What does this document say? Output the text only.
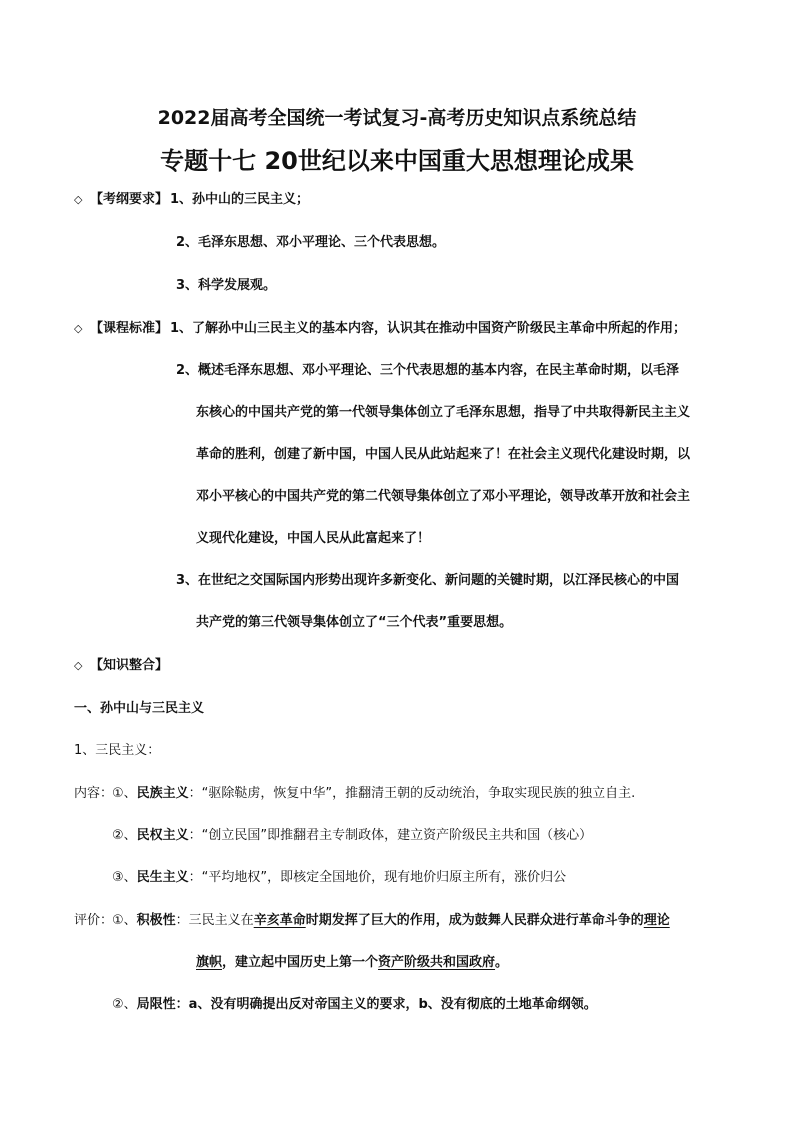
2022届高考全国统一考试复习-高考历史知识点系统总结
专题十七 20世纪以来中国重大思想理论成果
◇ 【考纲要求】 1、孙中山的三民主义；
2、毛泽东思想、邓小平理论、三个代表思想。
3、科学发展观。
◇ 【课程标准】 1、了解孙中山三民主义的基本内容，认识其在推动中国资产阶级民主革命中所起的作用；
2、概述毛泽东思想、邓小平理论、三个代表思想的基本内容，在民主革命时期，以毛泽
东核心的中国共产党的第一代领导集体创立了毛泽东思想，指导了中共取得新民主主义
革命的胜利，创建了新中国，中国人民从此站起来了！在社会主义现代化建设时期，以
邓小平核心的中国共产党的第二代领导集体创立了邓小平理论，领导改革开放和社会主
义现代化建设，中国人民从此富起来了！
3、在世纪之交国际国内形势出现许多新变化、新问题的关键时期，以江泽民核心的中国
共产党的第三代领导集体创立了“三个代表”重要思想。
◇ 【知识整合】
一、孙中山与三民主义
1、三民主义：
内容：
①、民族主义：“驱除鞑虏，恢复中华”，推翻清王朝的反动统治，争取实现民族的独立自主.
②、民权主义：“创立民国”即推翻君主专制政体，建立资产阶级民主共和国（核心）
③、民生主义：“平均地权”，即核定全国地价，现有地价归原主所有，涨价归公
评价：
①、积极性：三民主义在辛亥革命时期发挥了巨大的作用，成为鼓舞人民群众进行革命斗争的理论
旗帜，建立起中国历史上第一个资产阶级共和国政府。
②、局限性：a、没有明确提出反对帝国主义的要求，b、没有彻底的土地革命纲领。
